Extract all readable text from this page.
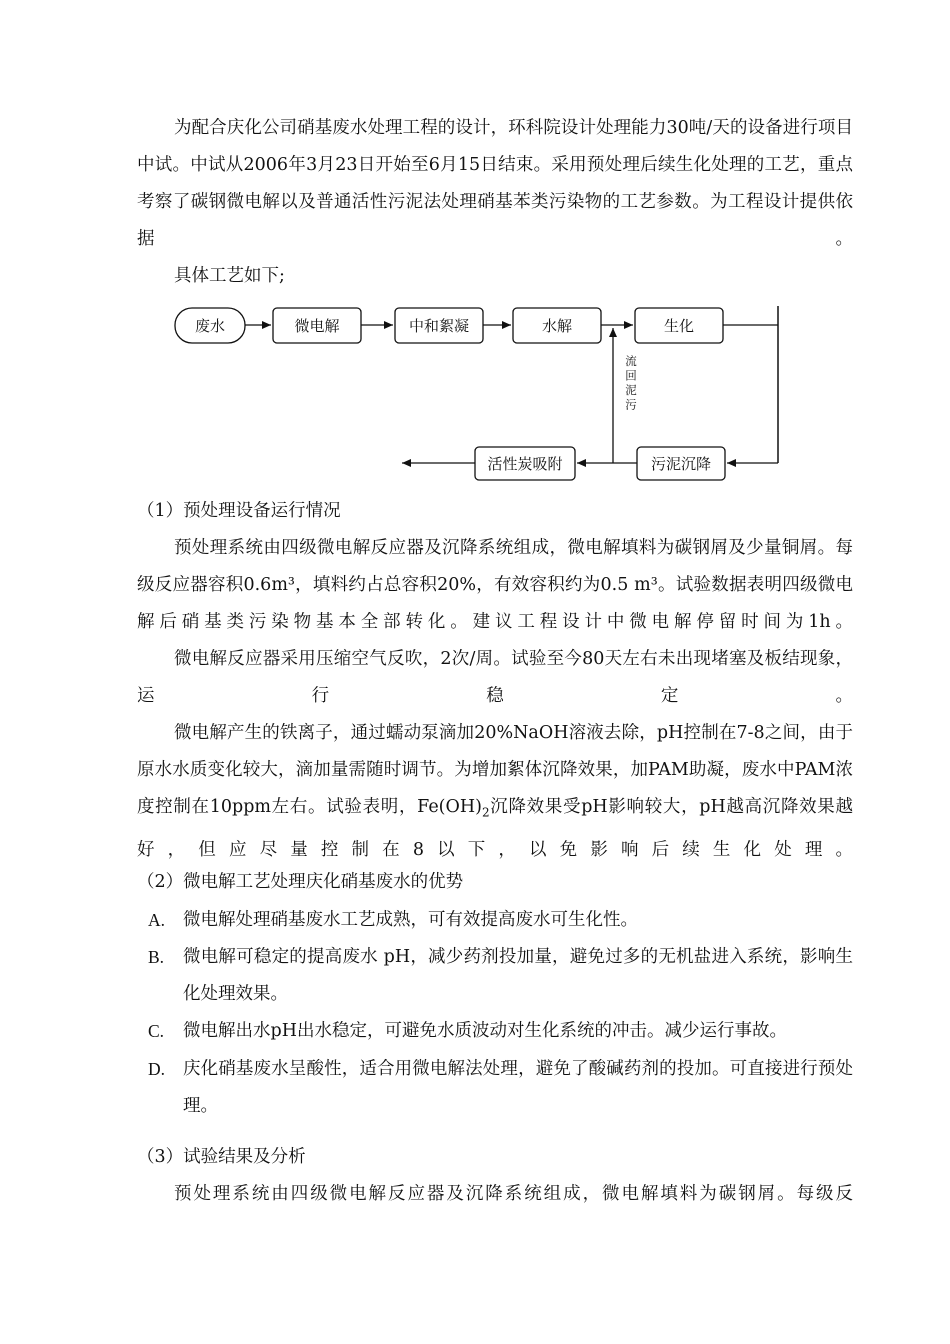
为配合庆化公司硝基废水处理工程的设计，环科院设计处理能力30吨/天的设备进行项目中试。中试从2006年3月23日开始至6月15日结束。采用预处理后续生化处理的工艺，重点考察了碳钢微电解以及普通活性污泥法处理硝基苯类污染物的工艺参数。为工程设计提供依据。
具体工艺如下;
废水	微电解	中和絮凝	水解	生化
污泥沉降
活性炭吸附
流回泥污
（1）预处理设备运行情况
预处理系统由四级微电解反应器及沉降系统组成，微电解填料为碳钢屑及少量铜屑。每级反应器容积0.6m³，填料约占总容积20%，有效容积约为0.5 m³。试验数据表明四级微电解后硝基类污染物基本全部转化。建议工程设计中微电解停留时间为1h。
微电解反应器采用压缩空气反吹，2次/周。试验至今80天左右未出现堵塞及板结现象，运行稳定。
微电解产生的铁离子，通过蠕动泵滴加20%NaOH溶液去除，pH控制在7-8之间，由于原水水质变化较大，滴加量需随时调节。为增加絮体沉降效果，加PAM助凝，废水中PAM浓度控制在10ppm左右。试验表明，$Fe(OH)_2$沉降效果受pH影响较大，pH越高沉降效果越好，但应尽量控制在8以下，以免影响后续生化处理。
（2）微电解工艺处理庆化硝基废水的优势
A. 微电解处理硝基废水工艺成熟，可有效提高废水可生化性。
B. 微电解可稳定的提高废水 pH，减少药剂投加量，避免过多的无机盐进入系统，影响生化处理效果。
C. 微电解出水pH出水稳定，可避免水质波动对生化系统的冲击。减少运行事故。
D. 庆化硝基废水呈酸性，适合用微电解法处理，避免了酸碱药剂的投加。可直接进行预处理。
（3）试验结果及分析
预处理系统由四级微电解反应器及沉降系统组成，微电解填料为碳钢屑。每级反
